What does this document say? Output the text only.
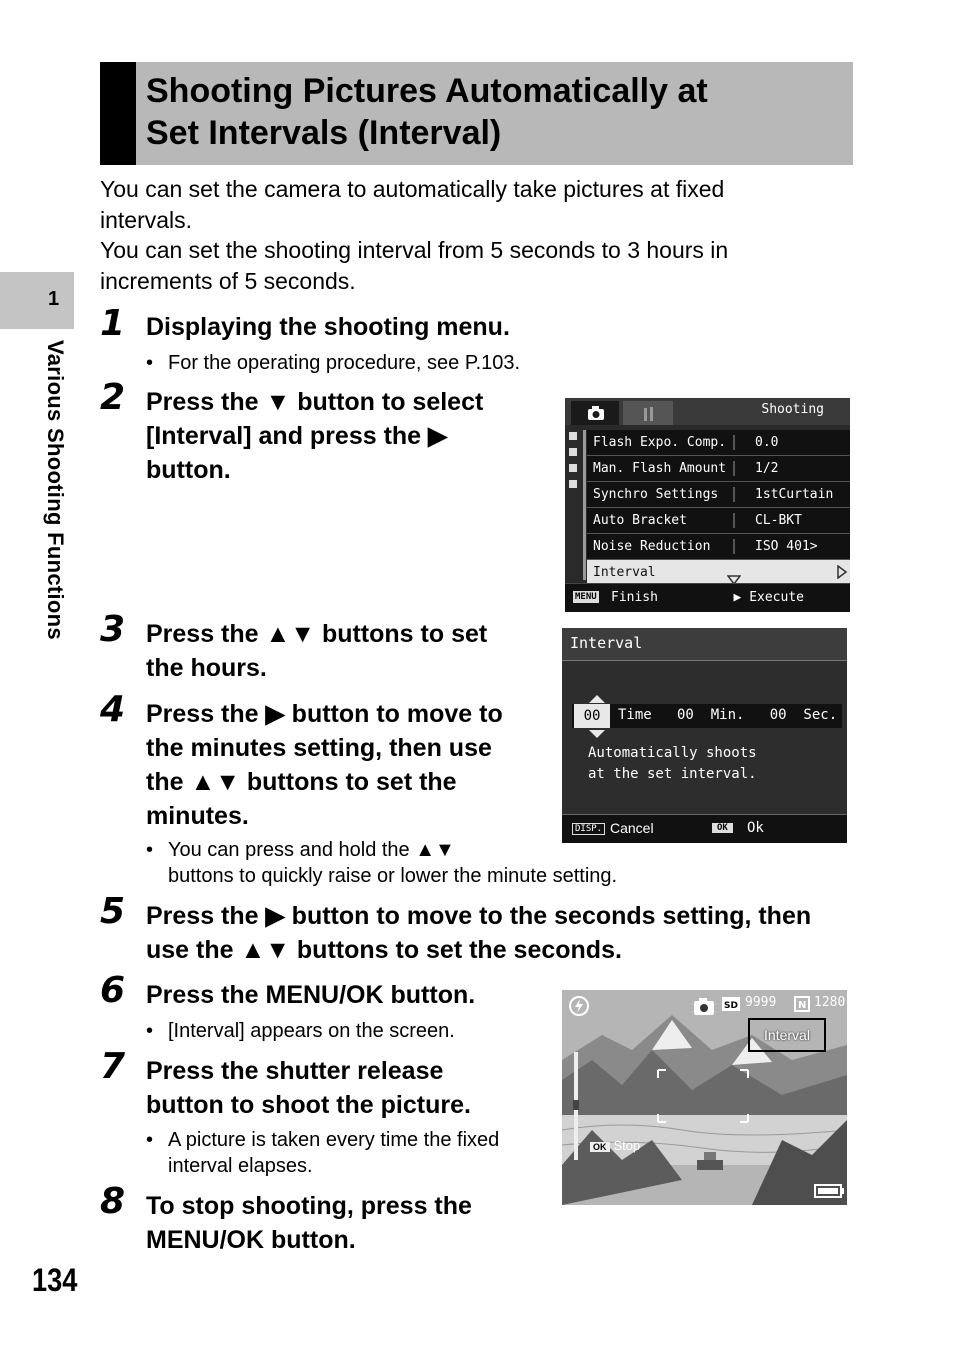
Shooting Pictures Automatically at
Set Intervals (Interval)
You can set the camera to automatically take pictures at fixed
intervals.
You can set the shooting interval from 5 seconds to 3 hours in
increments of 5 seconds.
1
Various Shooting Functions
1 Displaying the shooting menu.
• For the operating procedure, see P.103.
2 Press the ▼ button to select
[Interval] and press the ▶
button.
Shooting
Flash Expo. Comp.	0.0
Man. Flash Amount	1/2
Synchro Settings	1stCurtain
Auto Bracket	CL-BKT
Noise Reduction	ISO 401>
Interval
MENU Finish	▶ Execute
3 Press the ▲▼ buttons to set
the hours.
Interval
00	Time   00  Min.   00  Sec.
Automatically shoots
at the set interval.
DISP. Cancel	OK	Ok
4 Press the ▶ button to move to
the minutes setting, then use
the ▲▼ buttons to set the
minutes.
• You can press and hold the ▲▼
buttons to quickly raise or lower the minute setting.
5 Press the ▶ button to move to the seconds setting, then
use the ▲▼ buttons to set the seconds.
6 Press the MENU/OK button.
• [Interval] appears on the screen.
SD 9999 N 1280
Interval
OK Stop
7 Press the shutter release
button to shoot the picture.
• A picture is taken every time the fixed
interval elapses.
8 To stop shooting, press the
MENU/OK button.
134
